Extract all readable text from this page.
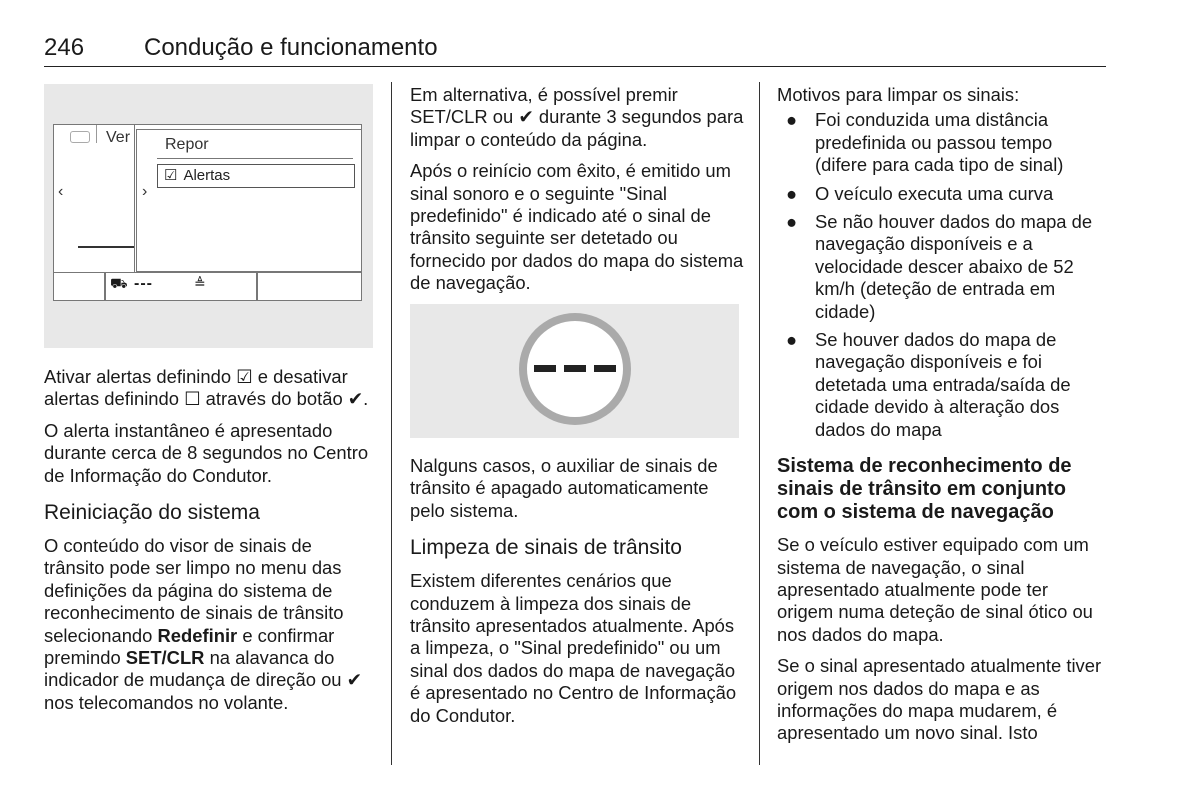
246 Condução e funcionamento
Ver
‹
Repor
☑ Alertas
›
⛟ ---	≜

Ativar alertas definindo ☑ e desativar alertas definindo ☐ através do botão ✔.

O alerta instantâneo é apresentado durante cerca de 8 segundos no Centro de Informação do Condutor.

Reiniciação do sistema

O conteúdo do visor de sinais de trânsito pode ser limpo no menu das definições da página do sistema de reconhecimento de sinais de trânsito selecionando Redefinir e confirmar premindo SET/CLR na alavanca do indicador de mudança de direção ou ✔ nos telecomandos no volante.

Em alternativa, é possível premir SET/CLR ou ✔ durante 3 segundos para limpar o conteúdo da página.

Após o reinício com êxito, é emitido um sinal sonoro e o seguinte "Sinal predefinido" é indicado até o sinal de trânsito seguinte ser detetado ou fornecido por dados do mapa do sistema de navegação.

Nalguns casos, o auxiliar de sinais de trânsito é apagado automaticamente pelo sistema.

Limpeza de sinais de trânsito

Existem diferentes cenários que conduzem à limpeza dos sinais de trânsito apresentados atualmente. Após a limpeza, o "Sinal predefinido" ou um sinal dos dados do mapa de navegação é apresentado no Centro de Informação do Condutor.

Motivos para limpar os sinais:

● Foi conduzida uma distância predefinida ou passou tempo (difere para cada tipo de sinal)
● O veículo executa uma curva
● Se não houver dados do mapa de navegação disponíveis e a velocidade descer abaixo de 52 km/h (deteção de entrada em cidade)
● Se houver dados do mapa de navegação disponíveis e foi detetada uma entrada/saída de cidade devido à alteração dos dados do mapa
Sistema de reconhecimento de sinais de trânsito em conjunto com o sistema de navegação

Se o veículo estiver equipado com um sistema de navegação, o sinal apresentado atualmente pode ter origem numa deteção de sinal ótico ou nos dados do mapa.

Se o sinal apresentado atualmente tiver origem nos dados do mapa e as informações do mapa mudarem, é apresentado um novo sinal. Isto
